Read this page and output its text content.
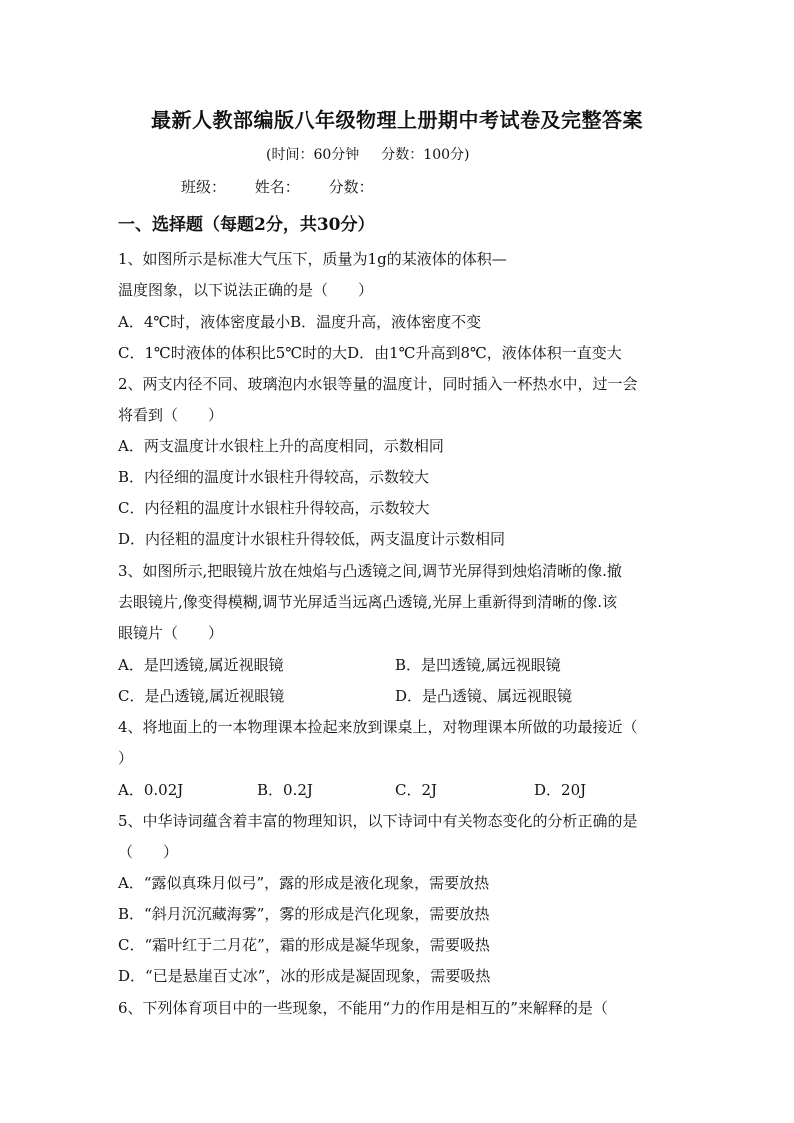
最新人教部编版八年级物理上册期中考试卷及完整答案
(时间：60分钟 分数：100分)
班级： 姓名： 分数：
一、选择题（每题2分，共30分）
1、如图所示是标准大气压下，质量为1g的某液体的体积—
温度图象，以下说法正确的是（　　）
A．4℃时，液体密度最小B．温度升高，液体密度不变
C．1℃时液体的体积比5℃时的大D．由1℃升高到8℃，液体体积一直变大
2、两支内径不同、玻璃泡内水银等量的温度计，同时插入一杯热水中，过一会
将看到（　　）
A．两支温度计水银柱上升的高度相同，示数相同
B．内径细的温度计水银柱升得较高，示数较大
C．内径粗的温度计水银柱升得较高，示数较大
D．内径粗的温度计水银柱升得较低，两支温度计示数相同
3、如图所示,把眼镜片放在烛焰与凸透镜之间,调节光屏得到烛焰清晰的像.撤
去眼镜片,像变得模糊,调节光屏适当远离凸透镜,光屏上重新得到清晰的像.该
眼镜片（　　）
A．是凹透镜,属近视眼镜	B．是凹透镜,属远视眼镜
C．是凸透镜,属近视眼镜	D．是凸透镜、属远视眼镜
4、将地面上的一本物理课本捡起来放到课桌上，对物理课本所做的功最接近（
）
A．0.02J	B．0.2J	C．2J	D．20J
5、中华诗词蕴含着丰富的物理知识，以下诗词中有关物态变化的分析正确的是
（　　）
A．“露似真珠月似弓”，露的形成是液化现象，需要放热
B．“斜月沉沉藏海雾”，雾的形成是汽化现象，需要放热
C．“霜叶红于二月花”，霜的形成是凝华现象，需要吸热
D．“已是悬崖百丈冰”，冰的形成是凝固现象，需要吸热
6、下列体育项目中的一些现象，不能用“力的作用是相互的”来解释的是（
